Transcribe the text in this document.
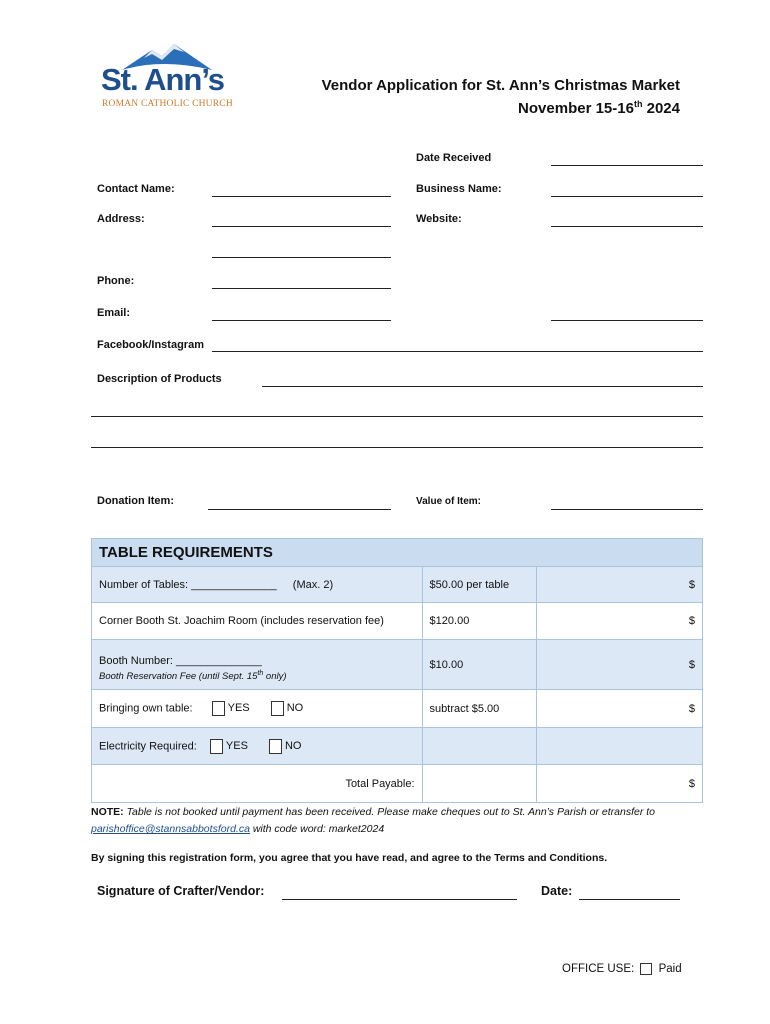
St. Ann’s
ROMAN CATHOLIC CHURCH
Vendor Application for St. Ann’s Christmas Market
November 15-16th 2024
Date Received
Contact Name:	Business Name:
Address:	Website:
Phone:
Email:
Facebook/Instagram
Description of Products
Donation Item:	Value of Item:
TABLE REQUIREMENTS		
Number of Tables: ______________ (Max. 2)	$50.00 per table	$
Corner Booth St. Joachim Room (includes reservation fee)	$120.00	$

Booth Number: ______________
Booth Reservation Fee (until Sept. 15th only)	$10.00	$
Bringing own table: YES NO	subtract $5.00	$
Electricity Required: YES NO		
Total Payable:		$
NOTE: Table is not booked until payment has been received. Please make cheques out to St. Ann’s Parish or etransfer to parishoffice@stannsabbotsford.ca with code word: market2024
By signing this registration form, you agree that you have read, and agree to the Terms and Conditions.
Signature of Crafter/Vendor:	Date:
OFFICE USE: Paid
